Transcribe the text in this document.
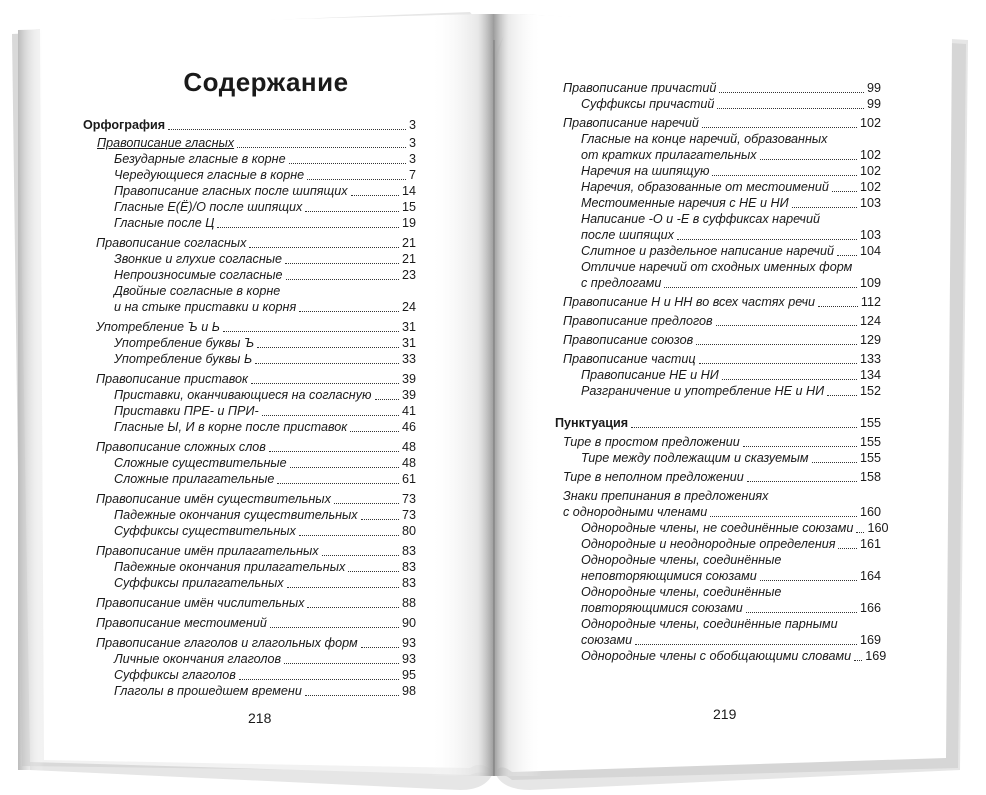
Содержание
Орфография	3
Правописание гласных	3
Безударные гласные в корне	3
Чередующиеся гласные в корне	7
Правописание гласных после шипящих	14
Гласные Е(Ё)/О после шипящих	15
Гласные после Ц	19
Правописание согласных	21
Звонкие и глухие согласные	21
Непроизносимые согласные	23
Двойные согласные в корне
и на стыке приставки и корня	24
Употребление Ъ и Ь	31
Употребление буквы Ъ	31
Употребление буквы Ь	33
Правописание приставок	39
Приставки, оканчивающиеся на согласную 39
Приставки ПРЕ- и ПРИ-	41
Гласные Ы, И в корне после приставок	46
Правописание сложных слов	48
Сложные существительные	48
Сложные прилагательные	61
Правописание имён существительных	73
Падежные окончания существительных	73
Суффиксы существительных	80
Правописание имён прилагательных	83
Падежные окончания прилагательных	83
Суффиксы прилагательных	83
Правописание имён числительных	88
Правописание местоимений	90
Правописание глаголов и глагольных форм	93
Личные окончания глаголов	93
Суффиксы глаголов	95
Глаголы в прошедшем времени	98
218
Правописание причастий	99
Суффиксы причастий	99
Правописание наречий	102
Гласные на конце наречий, образованных
от кратких прилагательных	102
Наречия на шипящую	102
Наречия, образованные от местоимений 102
Местоименные наречия с НЕ и НИ	103
Написание -О и -Е в суффиксах наречий
после шипящих	103
Слитное и раздельное написание наречий 104
Отличие наречий от сходных именных форм
с предлогами	109
Правописание Н и НН во всех частях речи	112
Правописание предлогов	124
Правописание союзов	129
Правописание частиц	133
Правописание НЕ и НИ	134
Разграничение и употребление НЕ и НИ	152
Пунктуация	155
Тире в простом предложении	155
Тире между подлежащим и сказуемым	155
Тире в неполном предложении	158
Знаки препинания в предложениях
с однородными членами	160
Однородные члены, не соединённые союзами 160
Однородные и неоднородные определения 161
Однородные члены, соединённые
неповторяющимися союзами	164
Однородные члены, соединённые
повторяющимися союзами	166
Однородные члены, соединённые парными
союзами	169
Однородные члены с обобщающими словами 169
219
